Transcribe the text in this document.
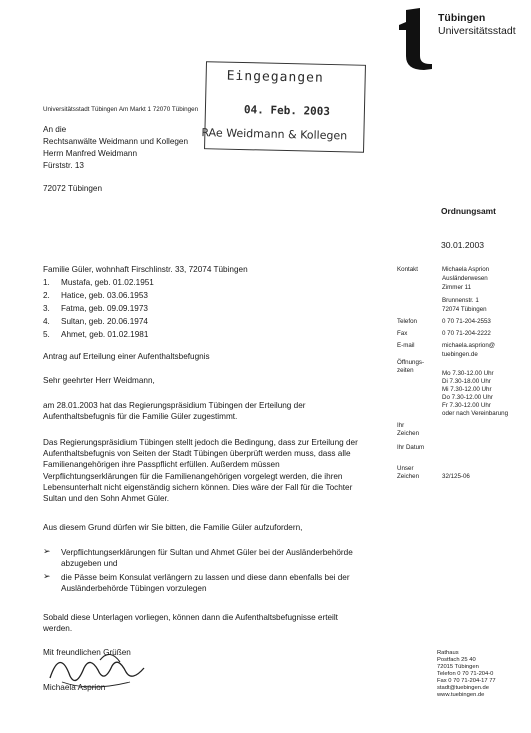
Tübingen
Universitätsstadt
Eingegangen
04. Feb. 2003
RAe Weidmann & Kollegen
Universitätsstadt Tübingen Am Markt 1 72070 Tübingen
An die
Rechtsanwälte Weidmann und Kollegen
Herrn Manfred Weidmann
Fürststr. 13
72072 Tübingen
Ordnungsamt
30.01.2003
Kontakt	Michaela Asprion
Ausländerwesen
Zimmer 11
Brunnenstr. 1
72074 Tübingen
Telefon	0 70 71-204-2553
Fax	0 70 71-204-2222
E-mail	michaela.asprion@
tuebingen.de
Öffnungs- zeiten	Mo 7.30-12.00 Uhr
Di 7.30-18.00 Uhr
Mi 7.30-12.00 Uhr
Do 7.30-12.00 Uhr
Fr 7.30-12.00 Uhr
oder nach Vereinbarung
Ihr Zeichen
Ihr Datum
Unser Zeichen	32/125-06
Familie Güler, wohnhaft Firschlinstr. 33, 72074 Tübingen
1. Mustafa, geb. 01.02.1951
2. Hatice, geb. 03.06.1953
3. Fatma, geb. 09.09.1973
4. Sultan, geb. 20.06.1974
5. Ahmet, geb. 01.02.1981
Antrag auf Erteilung einer Aufenthaltsbefugnis
Sehr geehrter Herr Weidmann,
am 28.01.2003 hat das Regierungspräsidium Tübingen der Erteilung der Aufenthaltsbefugnis für die Familie Güler zugestimmt.
Das Regierungspräsidium Tübingen stellt jedoch die Bedingung, dass zur Erteilung der Aufenthaltsbefugnis von Seiten der Stadt Tübingen überprüft werden muss, dass alle Familienangehörigen ihre Passpflicht erfüllen. Außerdem müssen Verpflichtungserklärungen für die Familienangehörigen vorgelegt werden, die ihren Lebensunterhalt nicht eigenständig sichern können. Dies wäre der Fall für die Tochter Sultan und den Sohn Ahmet Güler.
Aus diesem Grund dürfen wir Sie bitten, die Familie Güler aufzufordern,
➢ Verpflichtungserklärungen für Sultan und Ahmet Güler bei der Ausländerbehörde abzugeben und
➢ die Pässe beim Konsulat verlängern zu lassen und diese dann ebenfalls bei der Ausländerbehörde Tübingen vorzulegen
Sobald diese Unterlagen vorliegen, können dann die Aufenthaltsbefugnisse erteilt werden.
Mit freundlichen Grüßen
Michaela Asprion
Rathaus
Postfach 25 40
72015 Tübingen
Telefon 0 70 71-204-0
Fax 0 70 71-204-17 77
stadt@tuebingen.de
www.tuebingen.de
